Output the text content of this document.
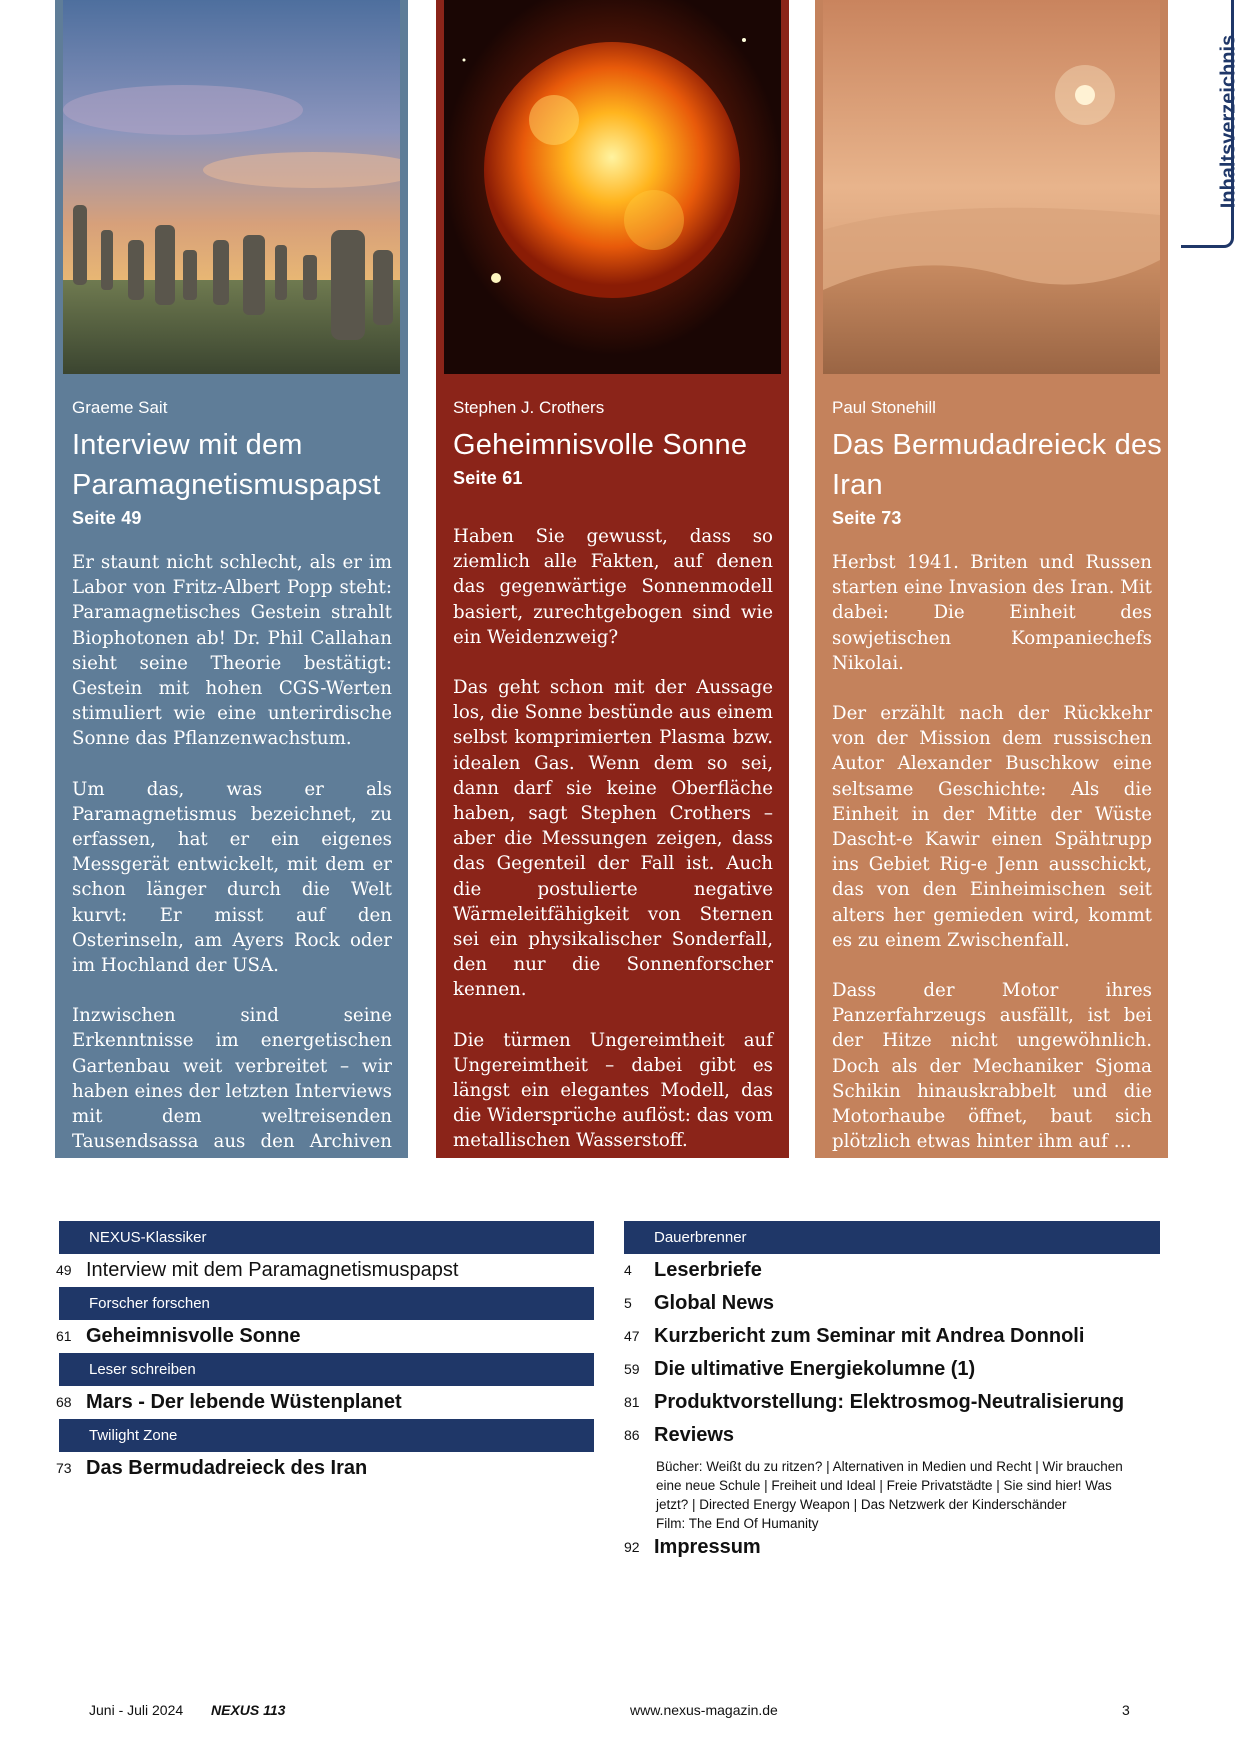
Inhaltsverzeichnis
Graeme Sait
Interview mit dem Paramagnetismuspapst
Seite 49

Er staunt nicht schlecht, als er im Labor von Fritz-Albert Popp steht: Paramagnetisches Gestein strahlt Biophotonen ab! Dr. Phil Callahan sieht seine Theorie bestätigt: Gestein mit hohen CGS-Werten stimuliert wie eine unterirdische Sonne das Pflanzenwachstum.

Um das, was er als Paramagnetismus bezeichnet, zu erfassen, hat er ein eigenes Messgerät entwickelt, mit dem er schon länger durch die Welt kurvt: Er misst auf den Osterinseln, am Ayers Rock oder im Hochland der USA.

Inzwischen sind seine Erkenntnisse im energetischen Gartenbau weit verbreitet – wir haben eines der letzten Interviews mit dem weltreisenden Tausendsassa aus den Archiven gekramt.

Stephen J. Crothers
Geheimnisvolle Sonne
Seite 61

Haben Sie gewusst, dass so ziemlich alle Fakten, auf denen das gegenwärtige Sonnenmodell basiert, zurechtgebogen sind wie ein Weidenzweig?

Das geht schon mit der Aussage los, die Sonne bestünde aus einem selbst komprimierten Plasma bzw. idealen Gas. Wenn dem so sei, dann darf sie keine Oberfläche haben, sagt Stephen Crothers – aber die Messungen zeigen, dass das Gegenteil der Fall ist. Auch die postulierte negative Wärmeleitfähigkeit von Sternen sei ein physikalischer Sonderfall, den nur die Sonnenforscher kennen.

Die türmen Ungereimtheit auf Ungereimtheit – dabei gibt es längst ein elegantes Modell, das die Widersprüche auflöst: das vom metallischen Wasserstoff.

Paul Stonehill
Das Bermudadreieck des Iran
Seite 73

Herbst 1941. Briten und Russen starten eine Invasion des Iran. Mit dabei: Die Einheit des sowjetischen Kompaniechefs Nikolai.

Der erzählt nach der Rückkehr von der Mission dem russischen Autor Alexander Buschkow eine seltsame Geschichte: Als die Einheit in der Mitte der Wüste Dascht-e Kawir einen Spähtrupp ins Gebiet Rig-e Jenn ausschickt, das von den Einheimischen seit alters her gemieden wird, kommt es zu einem Zwischenfall.

Dass der Motor ihres Panzerfahrzeugs ausfällt, ist bei der Hitze nicht ungewöhnlich. Doch als der Mechaniker Sjoma Schikin hinauskrabbelt und die Motorhaube öffnet, baut sich plötzlich etwas hinter ihm auf …

NEXUS-Klassiker
49 Interview mit dem Paramagnetismuspapst
Forscher forschen
61 Geheimnisvolle Sonne
Leser schreiben
68 Mars - Der lebende Wüstenplanet
Twilight Zone
73 Das Bermudadreieck des Iran
Dauerbrenner
4	Leserbriefe
5	Global News
47 Kurzbericht zum Seminar mit Andrea Donnoli
59 Die ultimative Energiekolumne (1)
81 Produktvorstellung: Elektrosmog-Neutralisierung
86 Reviews
Bücher: Weißt du zu ritzen? | Alternativen in Medien und Recht | Wir brauchen eine neue Schule | Freiheit und Ideal | Freie Privatstädte | Sie sind hier! Was jetzt? | Directed Energy Weapon | Das Netzwerk der Kinderschänder
Film: The End Of Humanity
92 Impressum
Juni - Juli 2024 NEXUS 113	www.nexus-magazin.de	3
